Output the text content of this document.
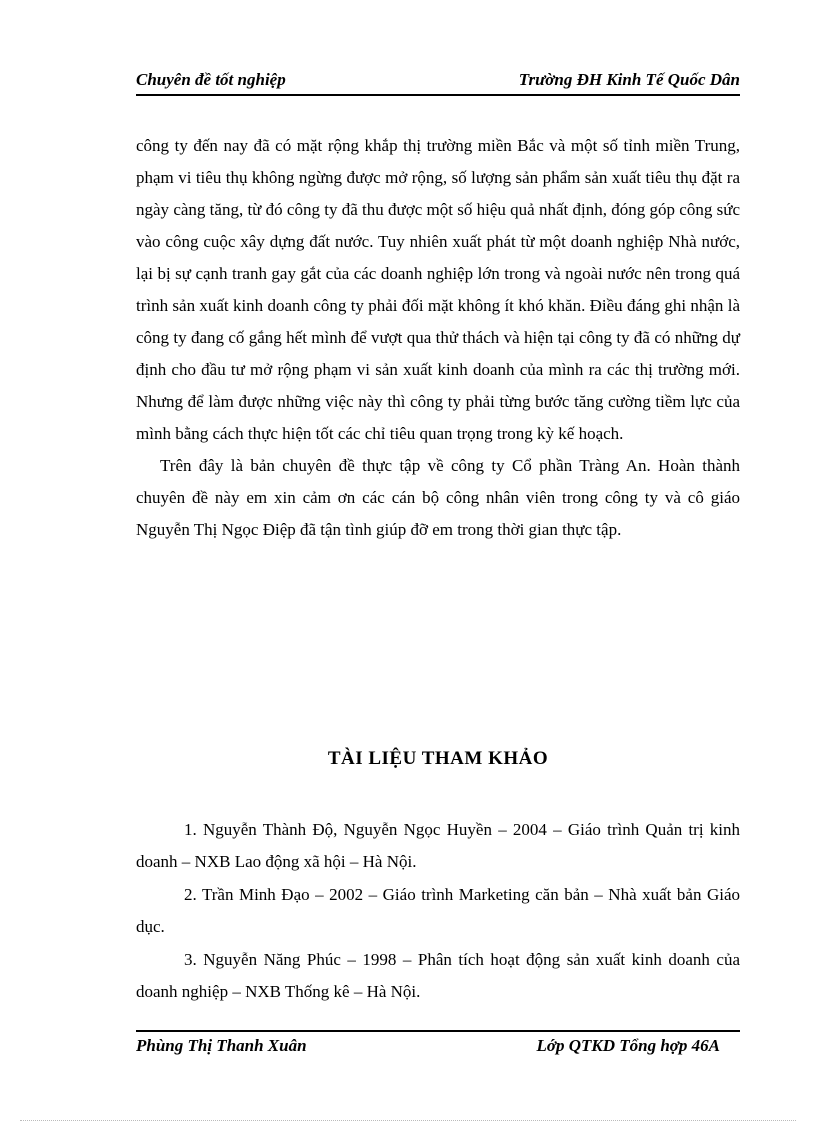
Chuyên đề tốt nghiệp	Trường ĐH Kinh Tế Quốc Dân

công ty đến nay đã có mặt rộng khắp thị trường miền Bắc và một số tỉnh miền Trung, phạm vi tiêu thụ không ngừng được mở rộng, số lượng sản phẩm sản xuất tiêu thụ đặt ra ngày càng tăng, từ đó công ty đã thu được một số hiệu quả nhất định, đóng góp công sức vào công cuộc xây dựng đất nước. Tuy nhiên xuất phát từ một doanh nghiệp Nhà nước, lại bị sự cạnh tranh gay gắt của các doanh nghiệp lớn trong và ngoài nước nên trong quá trình sản xuất kinh doanh công ty phải đối mặt không ít khó khăn. Điều đáng ghi nhận là công ty đang cố gắng hết mình để vượt qua thử thách và hiện tại công ty đã có những dự định cho đầu tư mở rộng phạm vi sản xuất kinh doanh của mình ra các thị trường mới. Nhưng để làm được những việc này thì công ty phải từng bước tăng cường tiềm lực của mình bằng cách thực hiện tốt các chỉ tiêu quan trọng trong kỳ kế hoạch.

Trên đây là bản chuyên đề thực tập về công ty Cổ phần Tràng An. Hoàn thành chuyên đề này em xin cảm ơn các cán bộ công nhân viên trong công ty và cô giáo Nguyễn Thị Ngọc Điệp đã tận tình giúp đỡ em trong thời gian thực tập.

TÀI LIỆU THAM KHẢO

1. Nguyễn Thành Độ, Nguyễn Ngọc Huyền – 2004 – Giáo trình Quản trị kinh doanh – NXB Lao động xã hội – Hà Nội.

2. Trần Minh Đạo – 2002 – Giáo trình Marketing căn bản – Nhà xuất bản Giáo dục.

3. Nguyễn Năng Phúc – 1998 – Phân tích hoạt động sản xuất kinh doanh của doanh nghiệp – NXB Thống kê – Hà Nội.

Phùng Thị Thanh Xuân	Lớp QTKD Tổng hợp 46A
